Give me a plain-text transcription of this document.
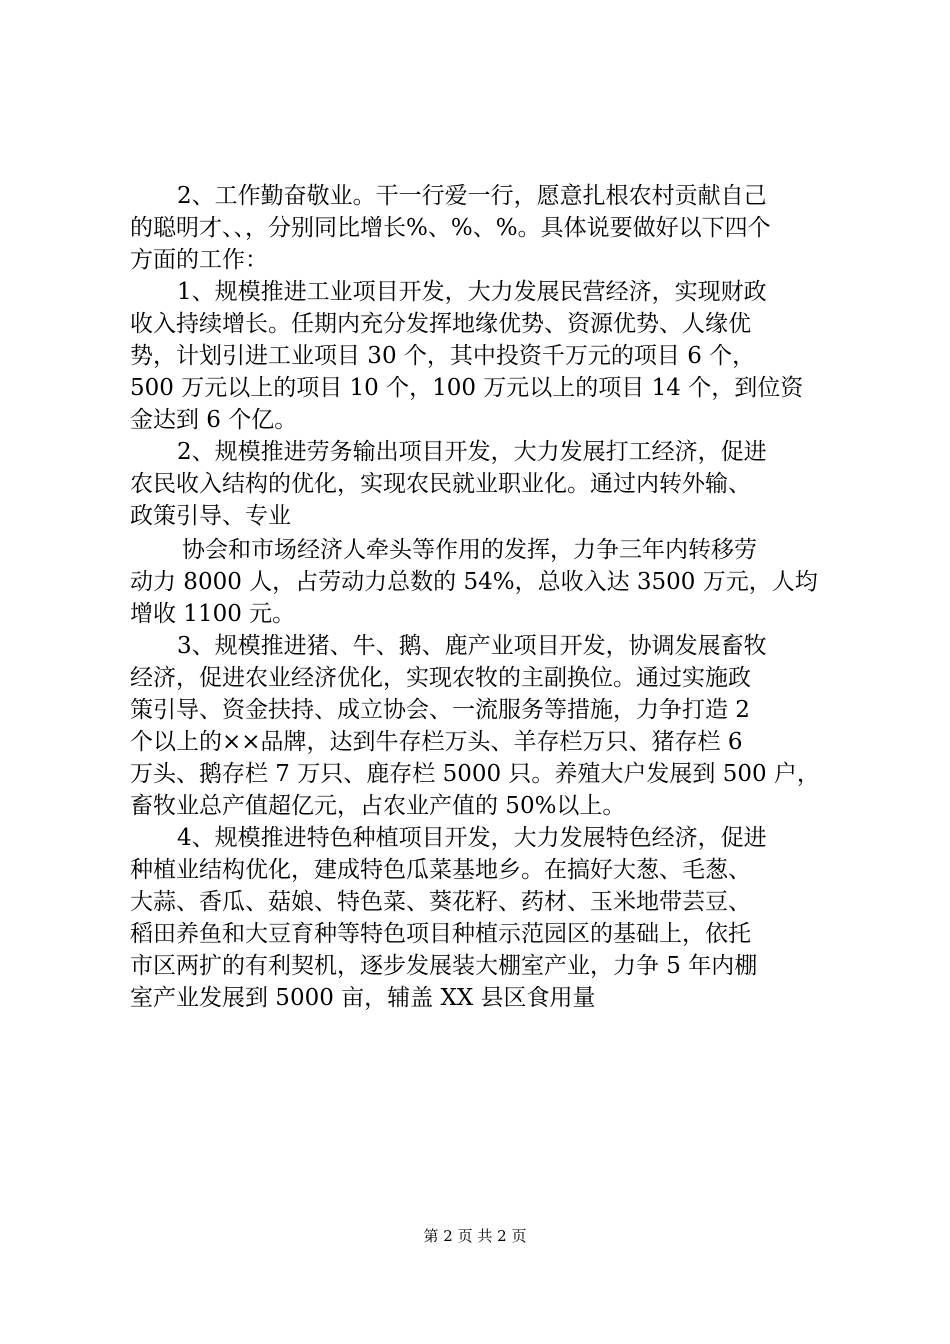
2、工作勤奋敬业。干一行爱一行，愿意扎根农村贡献自己
的聪明才、、，分别同比增长%、%、%。具体说要做好以下四个
方面的工作：
1、规模推进工业项目开发，大力发展民营经济，实现财政
收入持续增长。任期内充分发挥地缘优势、资源优势、人缘优
势，计划引进工业项目 30 个，其中投资千万元的项目 6 个，
500 万元以上的项目 10 个，100 万元以上的项目 14 个，到位资
金达到 6 个亿。
2、规模推进劳务输出项目开发，大力发展打工经济，促进
农民收入结构的优化，实现农民就业职业化。通过内转外输、
政策引导、专业
协会和市场经济人牵头等作用的发挥，力争三年内转移劳
动力 8000 人，占劳动力总数的 54%，总收入达 3500 万元，人均
增收 1100 元。
3、规模推进猪、牛、鹅、鹿产业项目开发，协调发展畜牧
经济，促进农业经济优化，实现农牧的主副换位。通过实施政
策引导、资金扶持、成立协会、一流服务等措施，力争打造 2
个以上的××品牌，达到牛存栏万头、羊存栏万只、猪存栏 6
万头、鹅存栏 7 万只、鹿存栏 5000 只。养殖大户发展到 500 户，
畜牧业总产值超亿元，占农业产值的 50%以上。
4、规模推进特色种植项目开发，大力发展特色经济，促进
种植业结构优化，建成特色瓜菜基地乡。在搞好大葱、毛葱、
大蒜、香瓜、菇娘、特色菜、葵花籽、药材、玉米地带芸豆、
稻田养鱼和大豆育种等特色项目种植示范园区的基础上，依托
市区两扩的有利契机，逐步发展装大棚室产业，力争 5 年内棚
室产业发展到 5000 亩，辅盖 XX 县区食用量
第 2 页 共 2 页
